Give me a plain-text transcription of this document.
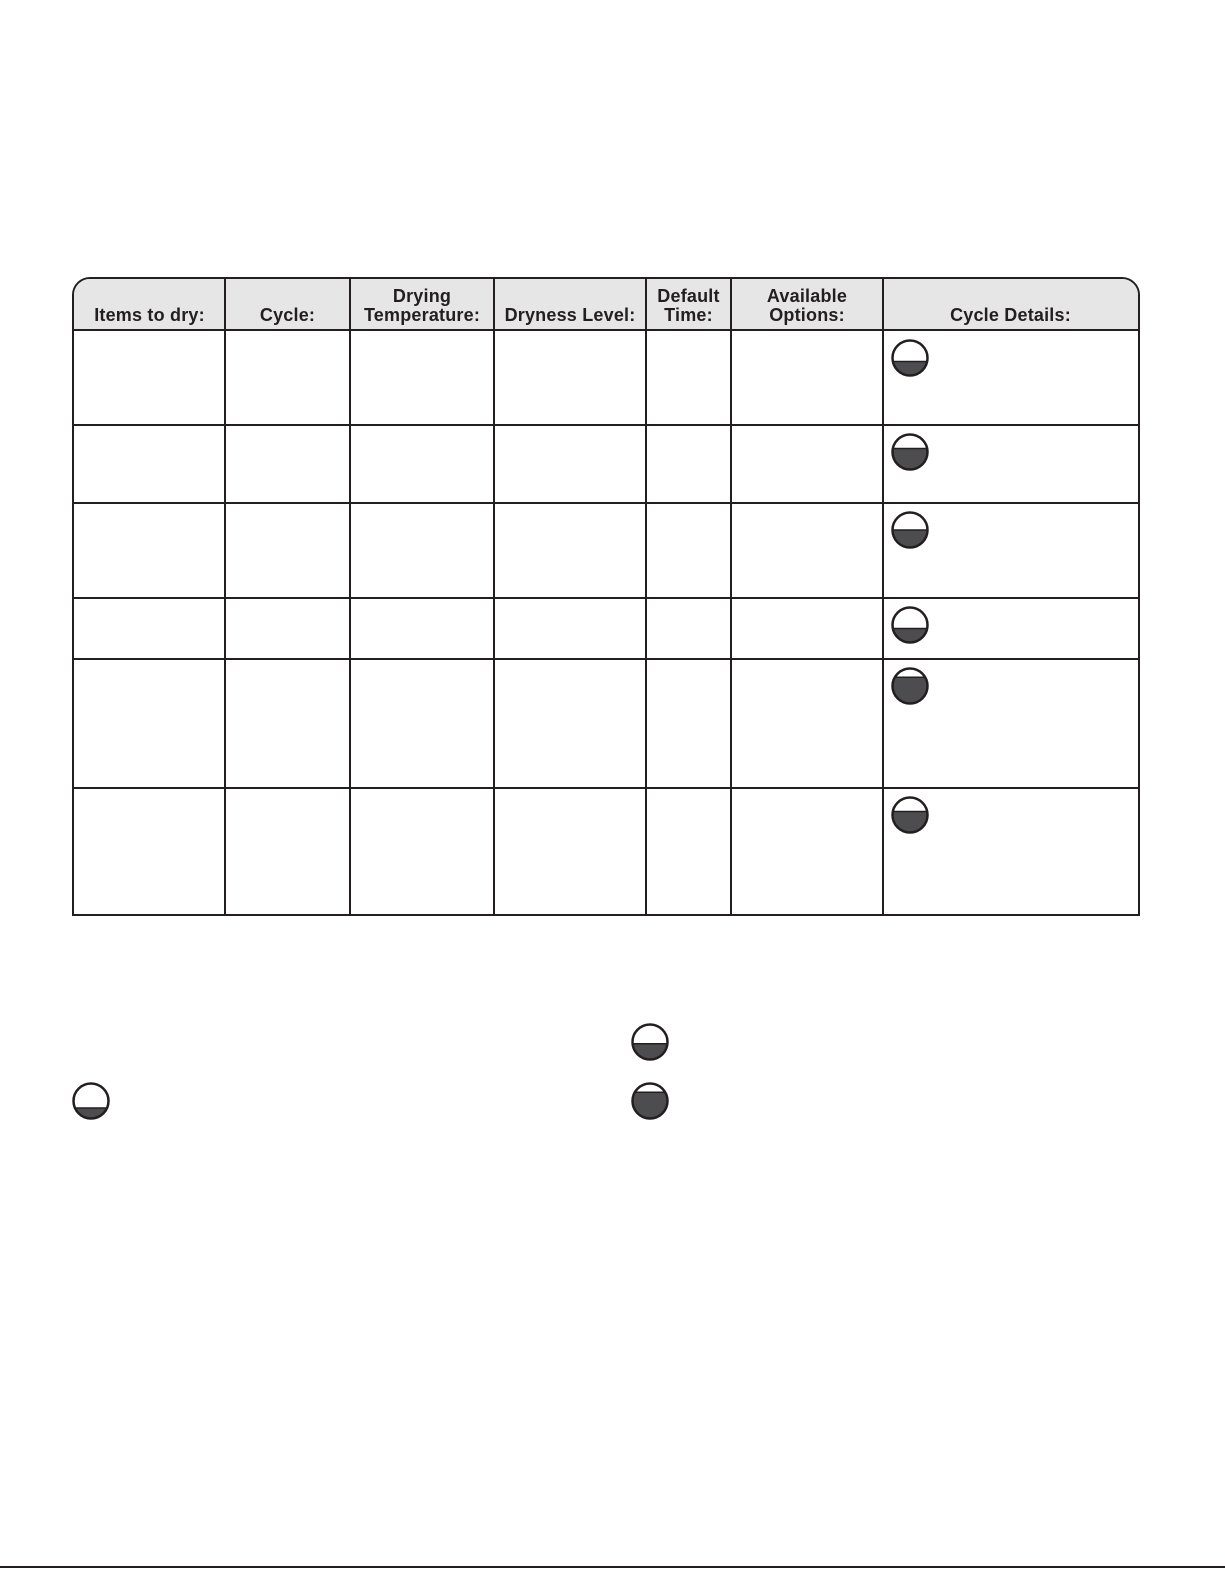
Items to dry:	Cycle:
Drying
Temperature: Dryness Level:
Default
Time:
Available
Options:	Cycle Details:
